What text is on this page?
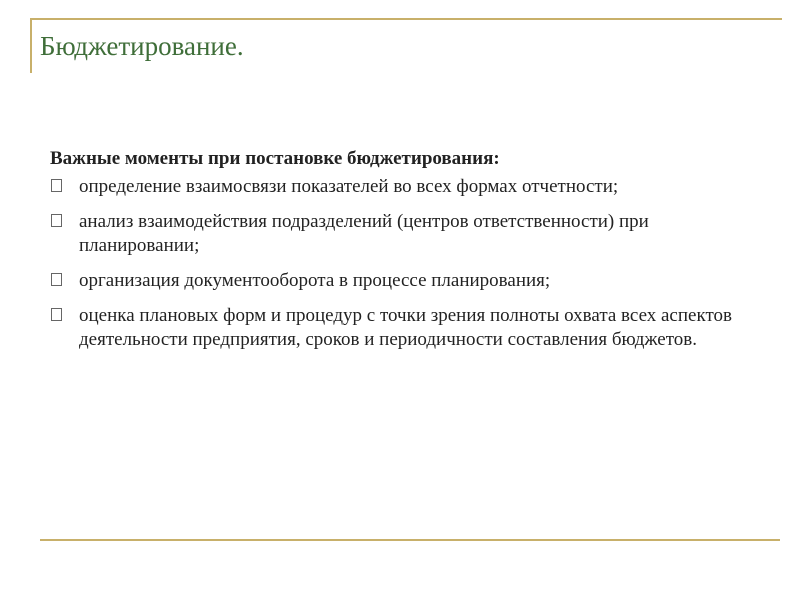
Бюджетирование.
Важные моменты при постановке бюджетирования:
определение взаимосвязи показателей во всех формах отчетности;
анализ взаимодействия подразделений (центров ответственности) при планировании;
организация документооборота в процессе планирования;
оценка плановых форм и процедур с точки зрения полноты охвата всех аспектов деятельности предприятия, сроков и периодичности составления бюджетов.
